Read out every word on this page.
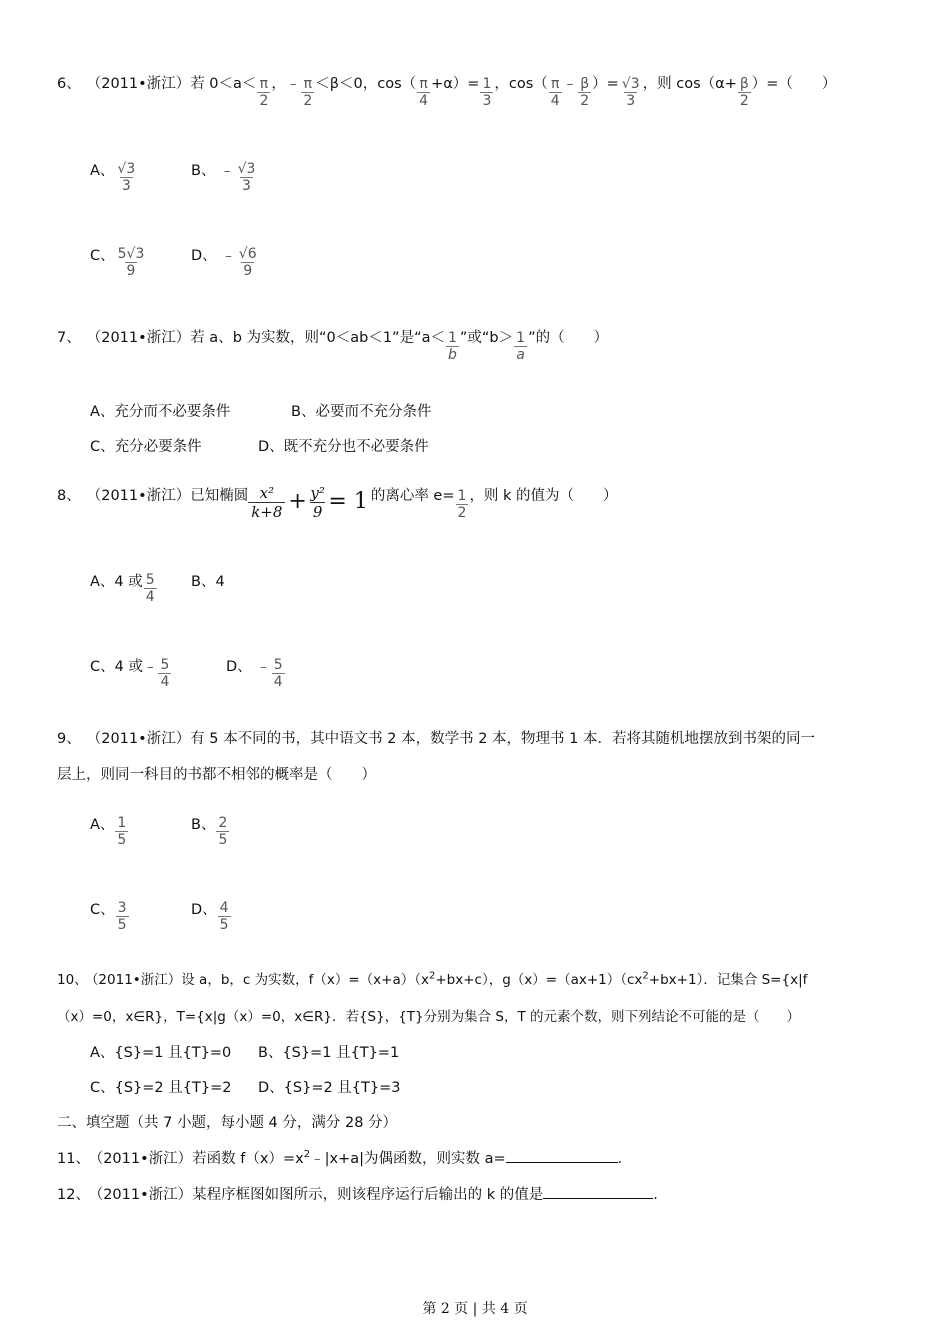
6、 （2011•浙江） 若 $0<a< \frac{\pi}{2}$ ，﹣ $\frac{\pi}{2} <\beta<0$，$\cos( \frac{\pi}{4} +\alpha)= \frac{1}{3}$ ，$\cos( \frac{\pi}{4}$ ﹣ $\frac{\beta}{2}$ ）= $\frac{√3}{3}$ ，则 $\cos(\alpha+ \frac{\beta}{2}$ ）=（　　）
A、 $\frac{√3}{3}$	B、 ﹣ $\frac{√3}{3}$
C、 $\frac{5√3}{9}$	D、 ﹣ $\frac{√6}{9}$
7、 （2011•浙江） 若 a、b 为实数，则“0＜ab＜1”是“$a< \frac{1}{b}$ ”或“$b> \frac{1}{a}$ ”的（　　）
A、充分而不必要条件	B、必要而不充分条件
C、充分必要条件	D、既不充分也不必要条件
8、 （2011•浙江） 已知椭圆 $\frac{\text{x²}}{k+8} + \frac{\text{y²}}{9} = 1$ 的离心率 $e= \frac{1}{2}$ ，则 k 的值为（　　）
A、4 或 $\frac{5}{4}$ B、4
C、4 或﹣ $\frac{5}{4}$	D、 ﹣ $\frac{5}{4}$
9、 （2011•浙江） 有 5 本不同的书，其中语文书 2 本，数学书 2 本，物理书 1 本．若将其随机地摆放到书架的同一
层上，则同一科目的书都不相邻的概率是（　　）
A、 $\frac{1}{5}$	B、 $\frac{2}{5}$
C、 $\frac{3}{5}$	D、 $\frac{4}{5}$
10、 （2011•浙江）设 a，b，c 为实数，$f(x)=(x+a)(x^2+bx+c)$，$g(x)=(ax+1)(cx^2+bx+1)$．记集合 S={x|f
（x）=0，x∈R}，T={x|g（x）=0，x∈R}．若{S}，{T}分别为集合 S，T 的元素个数，则下列结论不可能的是（　　）
A、{S}=1 且{T}=0 B、{S}=1 且{T}=1
C、{S}=2 且{T}=2 D、{S}=2 且{T}=3
二、填空题（共 7 小题，每小题 4 分，满分 28 分）
11、 （2011•浙江）若函数 $f(x)=x^2﹣|x+a|$为偶函数，则实数 a=	．
12、 （2011•浙江）某程序框图如图所示，则该程序运行后输出的 k 的值是	．
第 2 页 | 共 4 页
